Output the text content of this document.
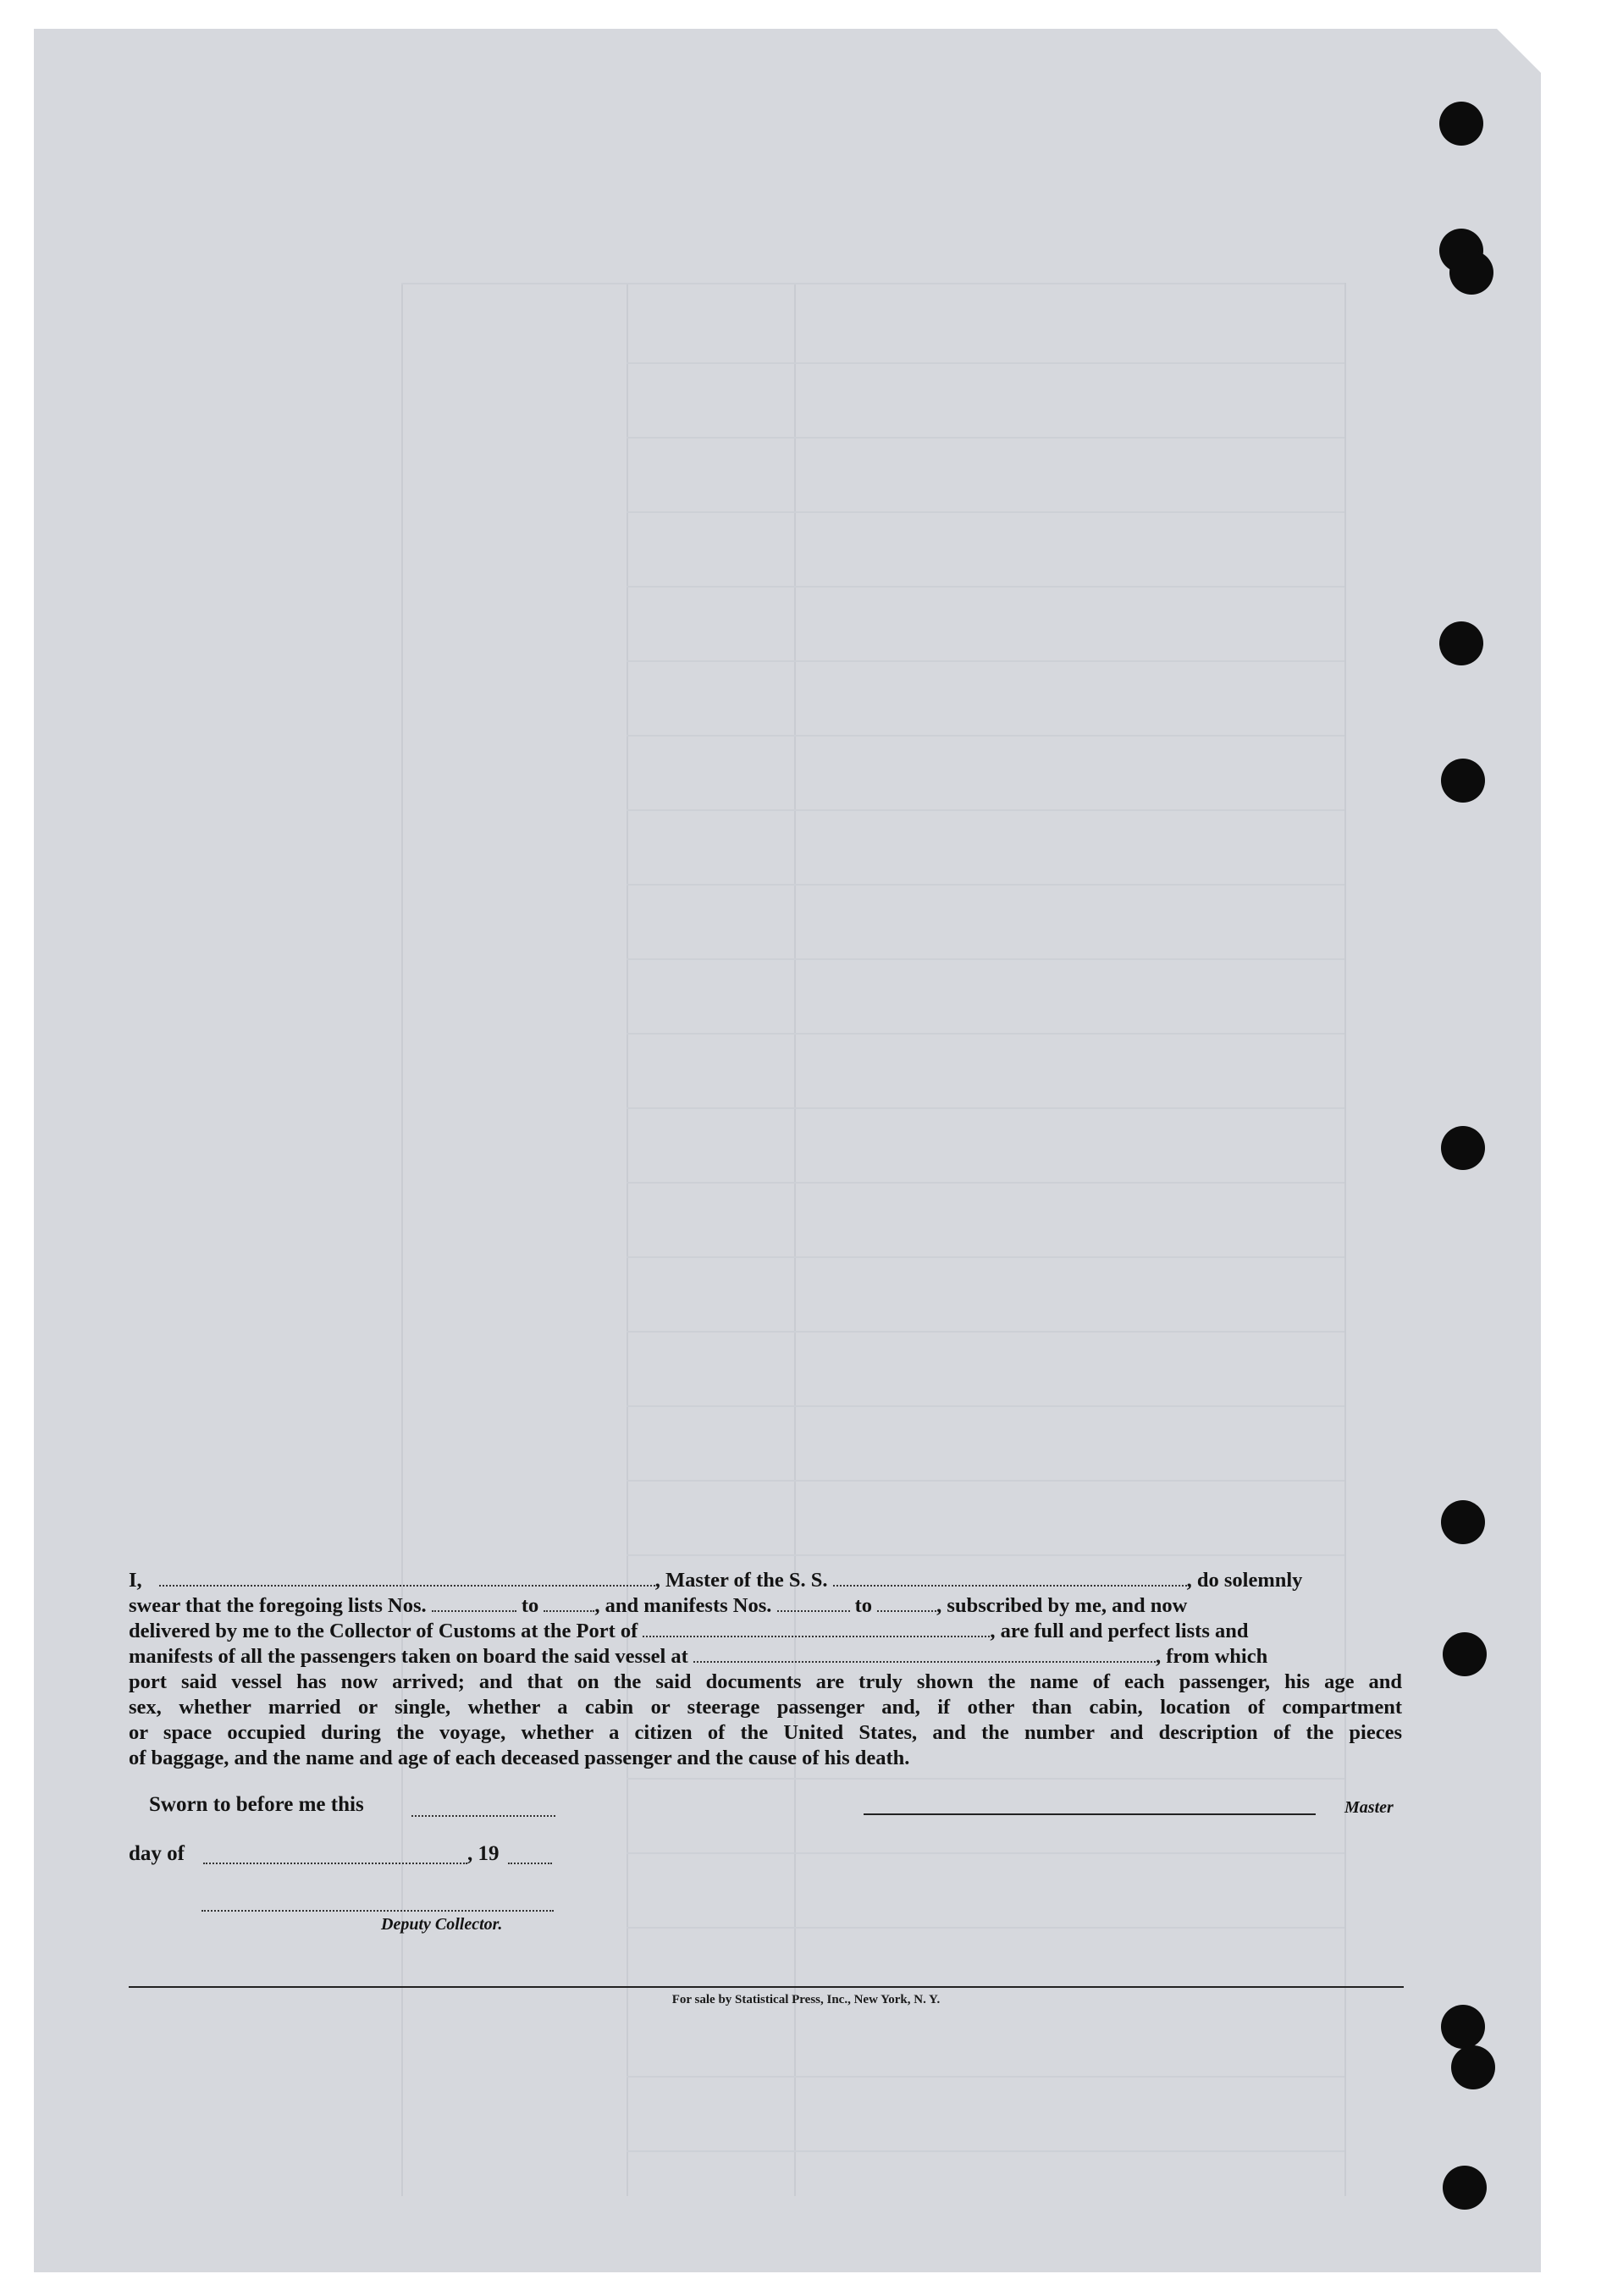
I,	, Master of the S. S.	, do solemnly
swear that the foregoing lists Nos.	to	, and manifests Nos.	to	, subscribed by me, and now
delivered by me to the Collector of Customs at the Port of	, are full and perfect lists and
manifests of all the passengers taken on board the said vessel at	, from which
port said vessel has now arrived; and that on the said documents are truly shown the name of each passenger, his age and
sex, whether married or single, whether a cabin or steerage passenger and, if other than cabin, location of compartment
or space occupied during the voyage, whether a citizen of the United States, and the number and description of the pieces
of baggage, and the name and age of each deceased passenger and the cause of his death.
Sworn to before me this	Master
day of	, 19
Deputy Collector.
For sale by Statistical Press, Inc., New York, N. Y.
